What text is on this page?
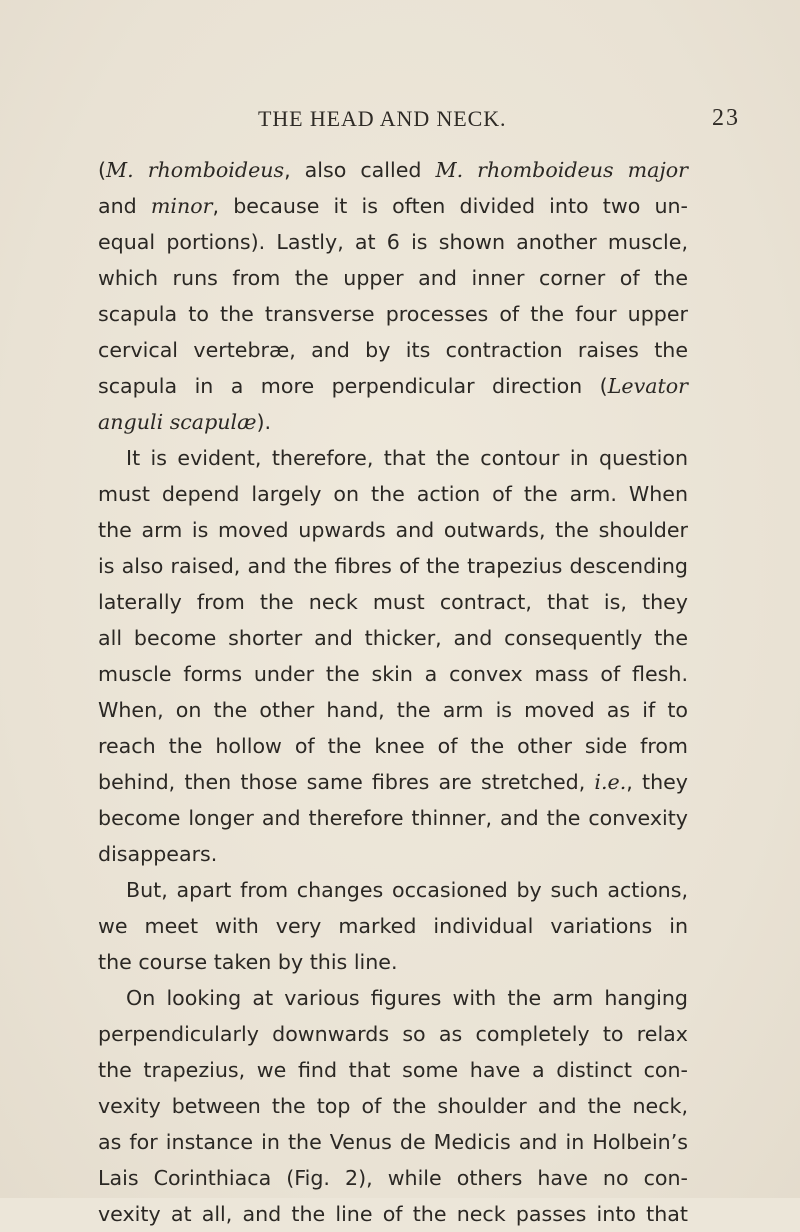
THE HEAD AND NECK.	23
(M. rhomboideus, also called M. rhomboideus major
and minor, because it is often divided into two un-
equal portions). Lastly, at 6 is shown another muscle,
which runs from the upper and inner corner of the
scapula to the transverse processes of the four upper
cervical vertebræ, and by its contraction raises the
scapula in a more perpendicular direction (Levator
anguli scapulæ).
It is evident, therefore, that the contour in question
must depend largely on the action of the arm. When
the arm is moved upwards and outwards, the shoulder
is also raised, and the fibres of the trapezius descending
laterally from the neck must contract, that is, they
all become shorter and thicker, and consequently the
muscle forms under the skin a convex mass of flesh.
When, on the other hand, the arm is moved as if to
reach the hollow of the knee of the other side from
behind, then those same fibres are stretched, i.e., they
become longer and therefore thinner, and the convexity
disappears.
But, apart from changes occasioned by such actions,
we meet with very marked individual variations in
the course taken by this line.
On looking at various figures with the arm hanging
perpendicularly downwards so as completely to relax
the trapezius, we find that some have a distinct con-
vexity between the top of the shoulder and the neck,
as for instance in the Venus de Medicis and in Holbein’s
Lais Corinthiaca (Fig. 2), while others have no con-
vexity at all, and the line of the neck passes into that
